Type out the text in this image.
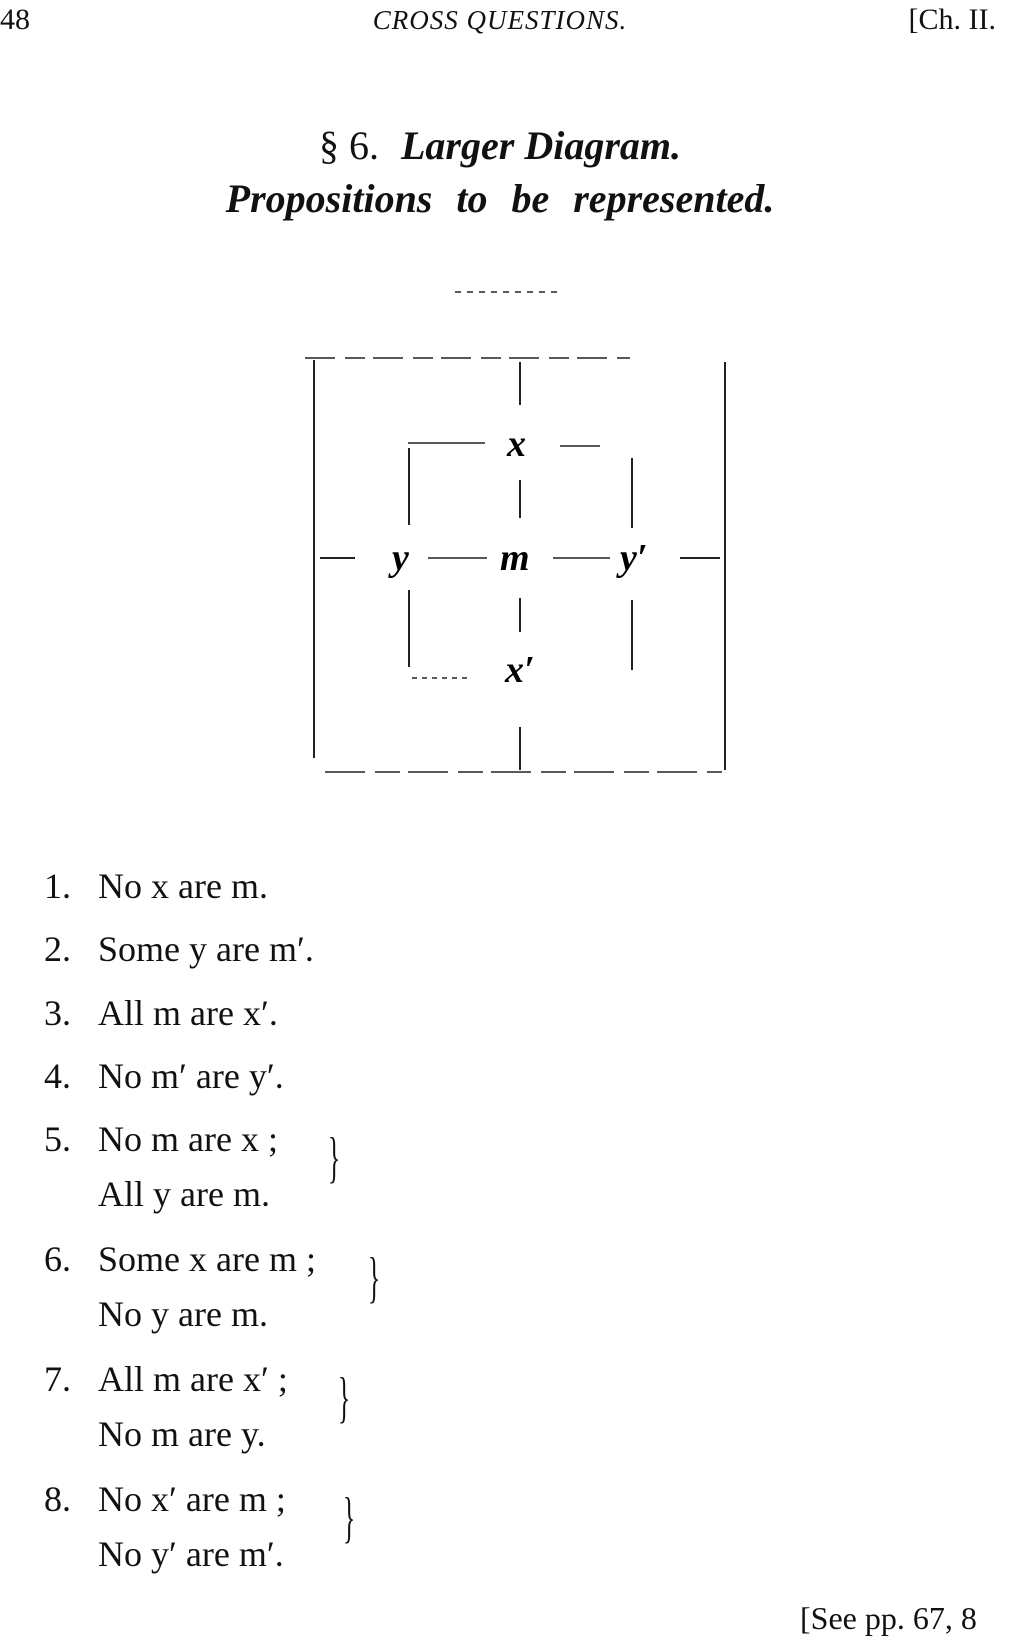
48	CROSS QUESTIONS.	[Ch. II.
§ 6. Larger Diagram.
Propositions to be represented.
x
y m y′
x′
1. No x are m.
2. Some y are m′.
3. All m are x′.
4. No m′ are y′.
5. No m are x ;
All y are m.
}
6. Some x are m ;
No y are m.
}
7. All m are x′ ;
No m are y.
}
8. No x′ are m ;
No y′ are m′.
}
[See pp. 67, 8
